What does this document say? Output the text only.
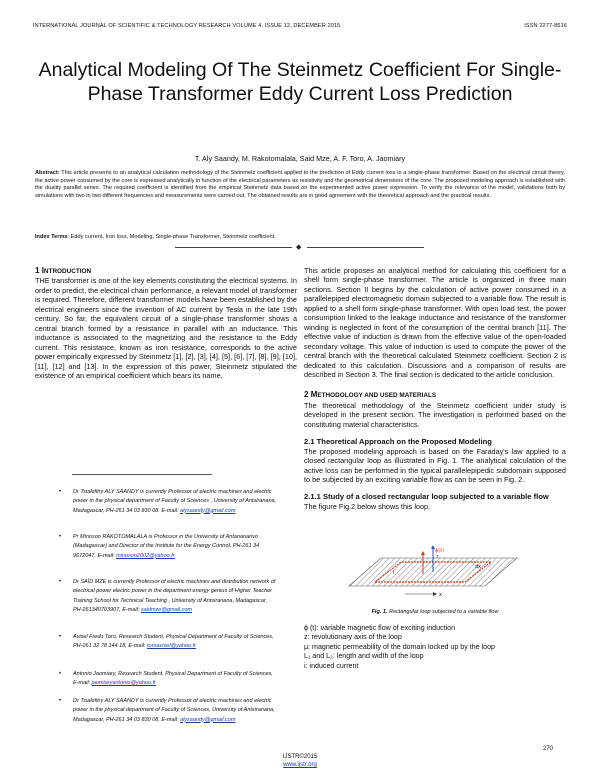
INTERNATIONAL JOURNAL OF SCIENTIFIC & TECHNOLOGY RESEARCH VOLUME 4, ISSUE 12, DECEMBER 2015	ISSN 2277-8616
Analytical Modeling Of The Steinmetz Coefficient For Single-Phase Transformer Eddy Current Loss Prediction
T. Aly Saandy, M. Rakotomalala, Said Mze, A. F. Toro, A. Jaomiary
Abstract: This article presents to an analytical calculation methodology of the Steinmetz coefficient applied to the prediction of Eddy current loss in a single-phase transformer. Based on the electrical circuit theory, the active power consumed by the core is expressed analytically in function of the electrical parameters as resistivity and the geometrical dimensions of the core. The proposed modeling approach is established with the duality parallel series. The required coefficient is identified from the empirical Steinmetz data based on the experimented active power expression. To verify the relevance of the model, validations both by simulations with two in two different frequencies and measurements were carried out. The obtained results are in good agreement with the theoretical approach and the practical results.
Index Terms: Eddy current, Iron loss, Modeling, Single-phase Transformer, Steinmetz coefficient.
◆

1 INTRODUCTION

THE transformer is one of the key elements constituting the electrical systems. In order to predict, the electrical chain performance, a relevant model of transformer is required. Therefore, different transformer models have been established by the electrical engineers since the invention of AC current by Tesla in the late 19th century. So far, the equivalent circuit of a single-phase transformer shows a central branch formed by a resistance in parallel with an inductance. This inductance is associated to the magnetizing and the resistance to the Eddy current. This resistance, known as iron resistance, corresponds to the active power empirically expressed by Steinmetz [1], [2], [3], [4], [5], [6], [7], [8], [9], [10], [11], [12] and [13]. In the expression of this power, Steinmetz stipulated the existence of an empirical coefficient which bears its name.

• Dr Tsialefitry ALY SAANDY is currently Professor of electric machines and electric power in the physical department of Faculty of Sciences , University of Antsiranana, Madagascar, PH-261 34 03 830 08. E-mail: alysaandy@gmail.com
• Pr Minoson RAKOTOMALALA is Professor in the University of Antananarivo (Madagascar) and Director of the Institute for the Energy Control, PH-261 34 9672047. E-mail: minoson2002@yahoo.fr
• Dr SAÏD MZE is currently Professor of electric machines and distribution network of electrical power electric power in the department energy genius of Higher Teacher Training School for Technical Teaching , University of Antsiranana, Madagascar, PH-261340703907, E-mail: saidmze@gmail.com
• Avisel Fredo Toro, Research Student, Physical Department of Faculty of Sciences, PH-261 32 78 144 18, E-mail: toroavisel@yahoo.fr
• Antonio Jaomiary, Research Student, Physical Department of Faculty of Sciences, E-mail: jaomiaryantonio@yahoo.fr
• Dr Tsialefitry ALY SAANDY is currently Professor of electric machines and electric power in the physical department of Faculty of Sciences, University of Antsiranana, Madagascar, PH-261 34 03 830 08. E-mail: alysaandy@gmail.com

This article proposes an analytical method for calculating this coefficient for a shell form single-phase transformer. The article is organized in three main sections. Section II begins by the calculation of active power consumed in a parallelepiped electromagnetic domain subjected to a variable flow. The result is applied to a shell form single-phase transformer. With open load test, the power consumption linked to the leakage inductance and resistance of the transformer winding is neglected in front of the consumption of the central branch [11]. The effective value of induction is drawn from the effective value of the open-loaded secondary voltage. This value of induction is used to compute the power of the central branch with the theoretical calculated Steinmetz coefficient. Section 2 is dedicated to this calculation. Discussions and a comparison of results are described in Section 3. The final section is dedicated to the article conclusion.

2 METHODOLOGY AND USED MATERIALS

The theoretical methodology of the Steinmetz coefficient under study is developed in the present section. The investigation is performed based on the constituting material characteristics.

2.1 Theoretical Approach on the Proposed Modeling

The proposed modeling approach is based on the Faraday's law applied to a closed rectangular loop as illustrated in Fig. 1. The analytical calculation of the active loss can be performed in the typical parallelepipedic subdomain supposed to be subjected by an exciting variable flow as can be seen in Fig. 2.

2.1.1 Study of a closed rectangular loop subjected to a variable flow

The figure Fig.2 below shows this loop.

ϕ(t)
i
dx
x
z
Fig. 1. Rectangular loop subjected to a variable flow

ϕ (t): variable magnetic flow of exciting induction

z: revolutionary axis of the loop

μ: magnetic permeability of the domain locked up by the loop

L₁ and L₂: length and width of the loop

i: induced current

270
IJSTR©2015
www.ijstr.org
